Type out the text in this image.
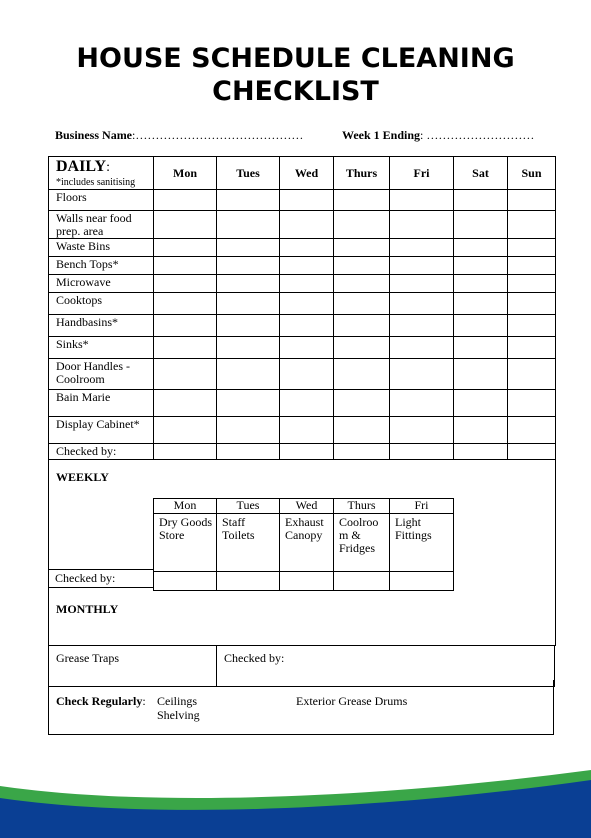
HOUSE SCHEDULE CLEANING
CHECKLIST
Business Name:……………………………………	Week 1 Ending: ………………………
DAILY:
*includes sanitising	Mon	Tues	Wed	Thurs	Fri	Sat	Sun
Floors							
Walls near food prep. area							
Waste Bins							
Bench Tops*							
Microwave							
Cooktops							
Handbasins*							
Sinks*							
Door Handles - Coolroom							
Bain Marie							
Display Cabinet*							
Checked by:							
WEEKLY
Mon	Tues	Wed	Thurs	Fri
Dry Goods Store	Staff Toilets	Exhaust Canopy	Coolroo m & Fridges	Light Fittings

Checked by:
MONTHLY
Grease Traps	Checked by:
Check Regularly: Ceilings
Shelving
Exterior Grease Drums
